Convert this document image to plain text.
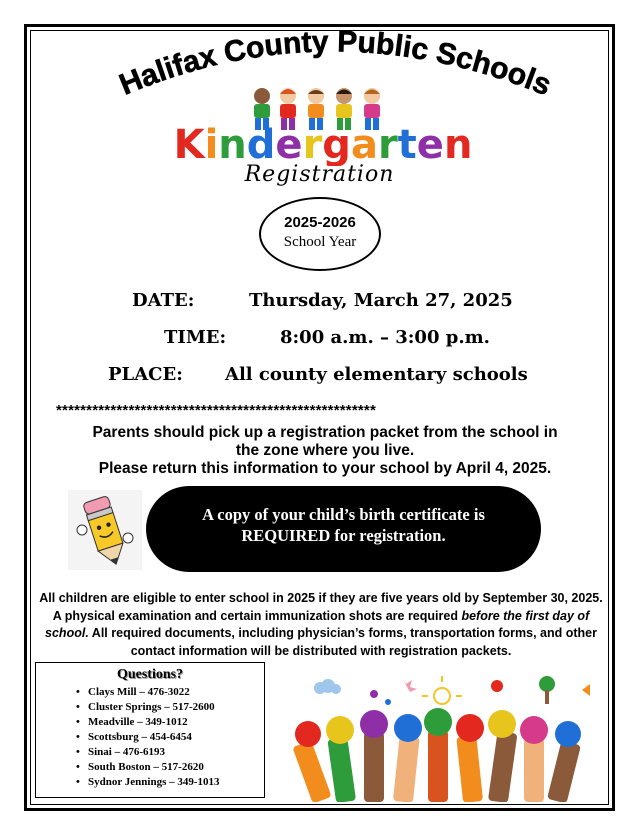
Halifax County Public Schools
Kindergarten
Registration
2025-2026
School Year
DATE:	Thursday, March 27, 2025
TIME:	8:00 a.m. – 3:00 p.m.
PLACE: All county elementary schools
*****************************************************
Parents should pick up a registration packet from the school in
the zone where you live.
Please return this information to your school by April 4, 2025.
A copy of your child’s birth certificate is
REQUIRED for registration.
All children are eligible to enter school in 2025 if they are five years old by September 30, 2025.
A physical examination and certain immunization shots are required before the first day of
school. All required documents, including physician’s forms, transportation forms, and other
contact information will be distributed with registration packets.
Questions?
• Clays Mill – 476-3022
• Cluster Springs – 517-2600
• Meadville – 349-1012
• Scottsburg – 454-6454
• Sinai – 476-6193
• South Boston – 517-2620
• Sydnor Jennings – 349-1013
